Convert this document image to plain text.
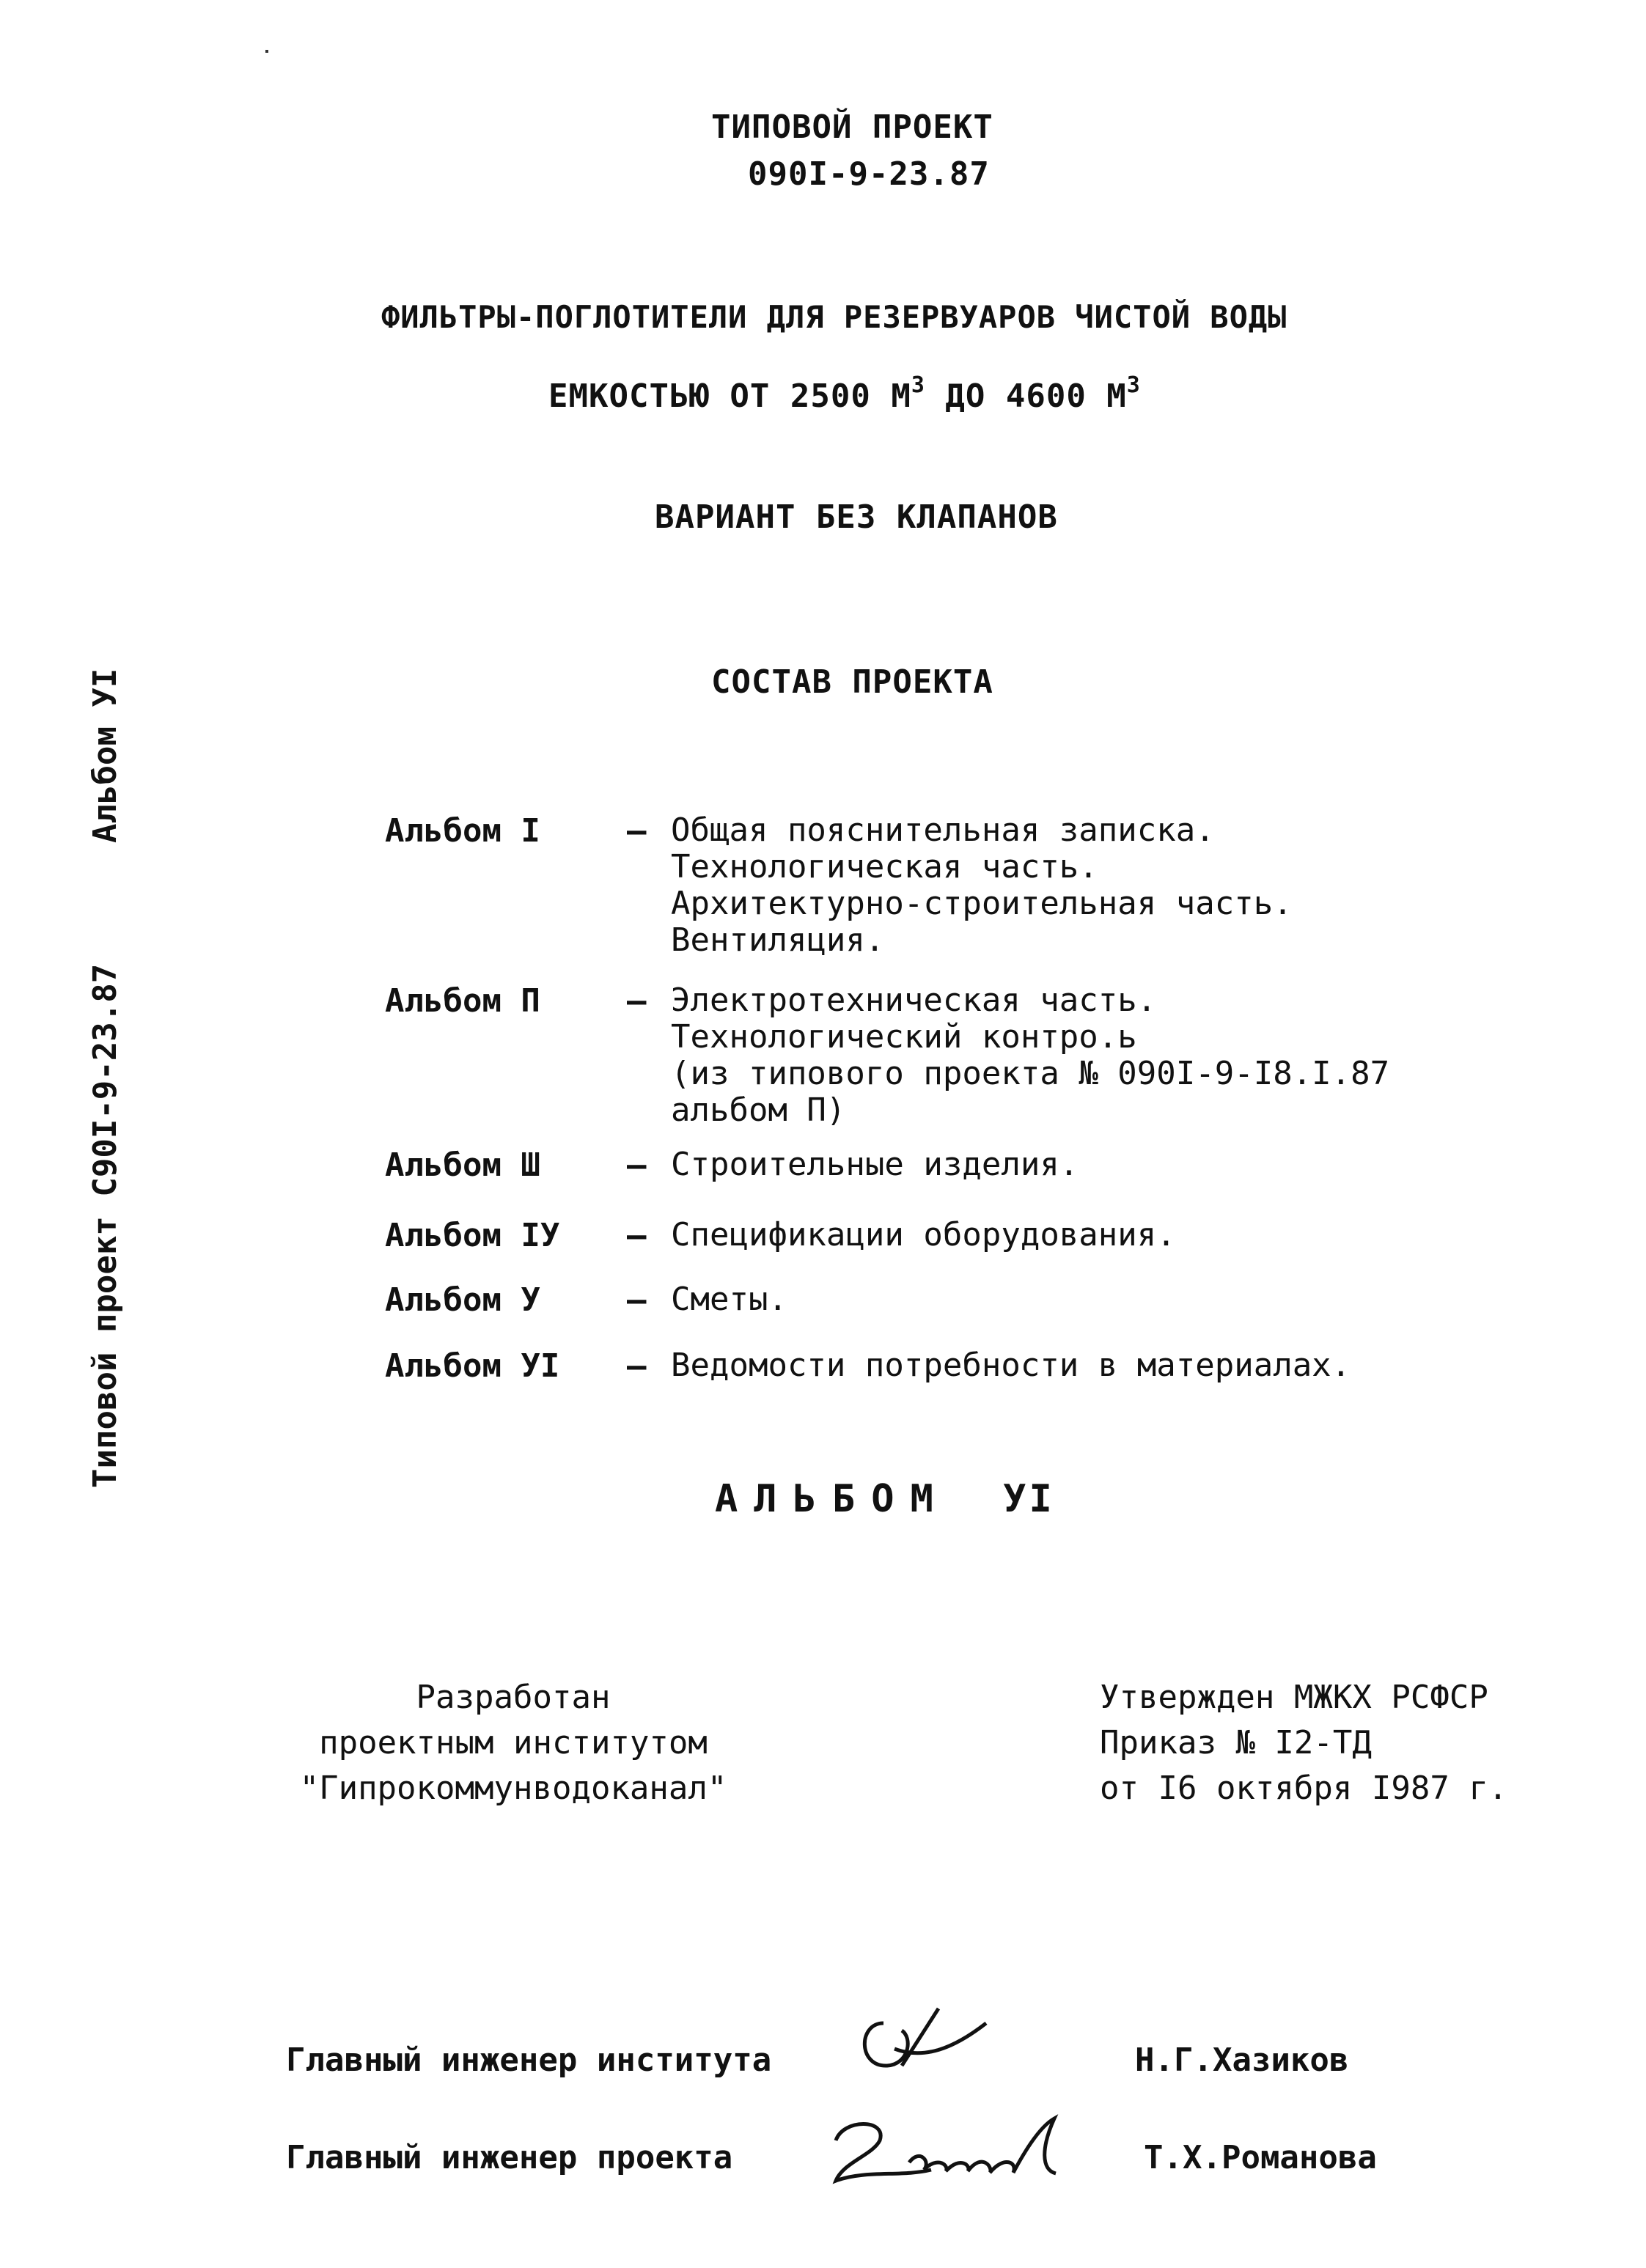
ТИПОВОЙ ПРОЕКТ
090I-9-23.87
ФИЛЬТРЫ-ПОГЛОТИТЕЛИ ДЛЯ РЕЗЕРВУАРОВ ЧИСТОЙ ВОДЫ
ЕМКОСТЬЮ ОТ 2500 $М^3$ ДО 4600 $М^3$
ВАРИАНТ БЕЗ КЛАПАНОВ
Типовой проект С90I-9-23.87
Альбом УI	СОСТАВ ПРОЕКТА
Альбом I	– Общая пояснительная записка.
Технологическая часть.
Архитектурно-строительная часть.
Вентиляция.
Альбом П	– Электротехническая часть.
Технологический контро.ь
(из типового проекта № 090I-9-I8.I.87
альбом П)
Альбом Ш	– Строительные изделия.
Альбом IУ – Спецификации оборудования.
Альбом У	– Сметы.
Альбом УI – Ведомости потребности в материалах.
АЛЬБОМ УI
Разработан
проектным институтом
"Гипрокоммунводоканал"
Утвержден МЖКХ РСФСР
Приказ № I2-ТД
от I6 октября I987 г.
Главный инженер института	Н.Г.Хазиков
Главный инженер проекта	Т.Х.Романова
